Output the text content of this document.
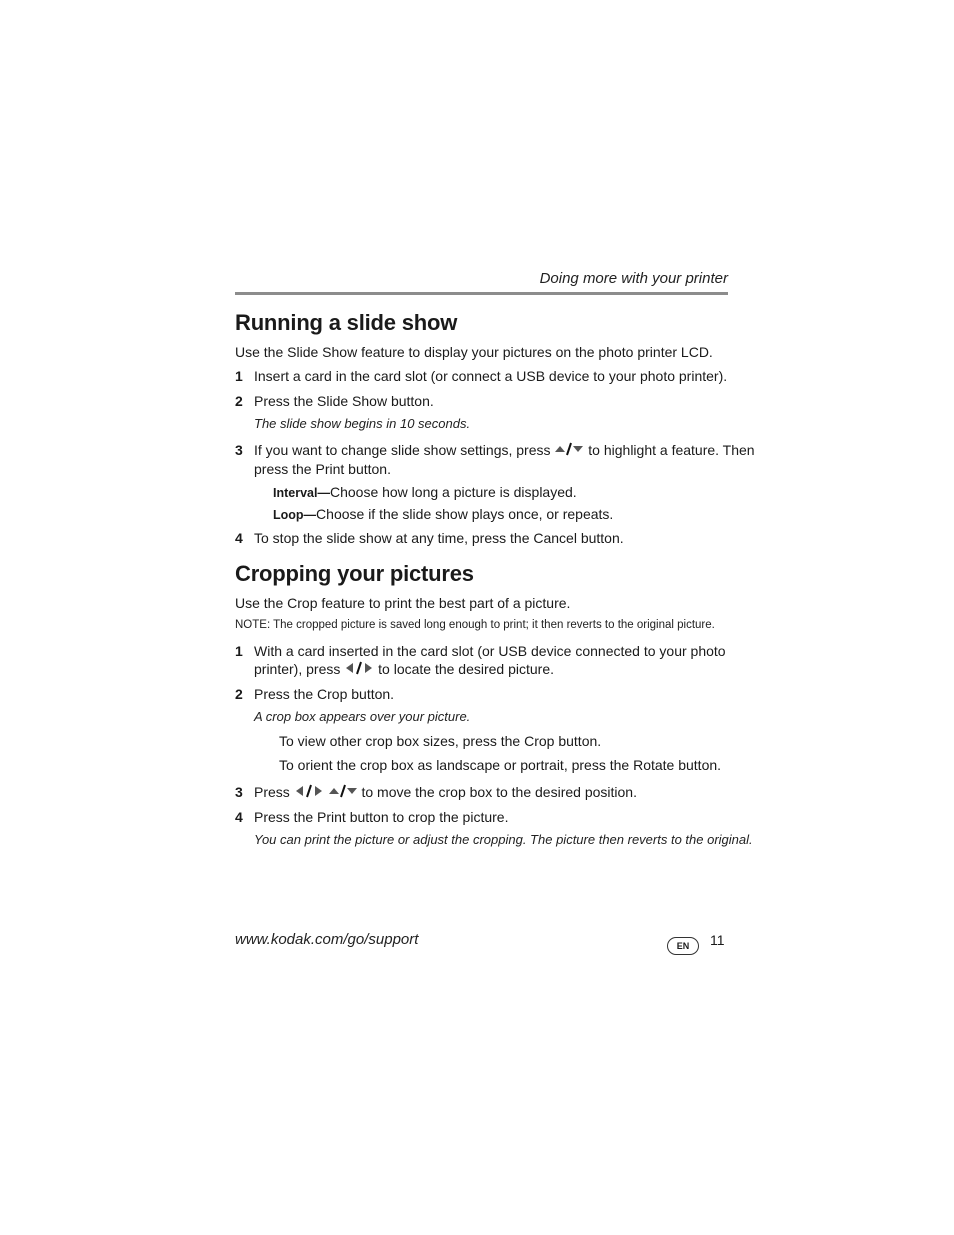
Doing more with your printer
Running a slide show
Use the Slide Show feature to display your pictures on the photo printer LCD.
1 Insert a card in the card slot (or connect a USB device to your photo printer).
2 Press the Slide Show button.
The slide show begins in 10 seconds.
3 If you want to change slide show settings, press	to highlight a feature. Then
press the Print button.
Interval—Choose how long a picture is displayed.
Loop—Choose if the slide show plays once, or repeats.
4 To stop the slide show at any time, press the Cancel button.
Cropping your pictures
Use the Crop feature to print the best part of a picture.
NOTE: The cropped picture is saved long enough to print; it then reverts to the original picture.
1 With a card inserted in the card slot (or USB device connected to your photo
printer), press	to locate the desired picture.
2 Press the Crop button.
A crop box appears over your picture.
To view other crop box sizes, press the Crop button.
To orient the crop box as landscape or portrait, press the Rotate button.
3 Press	to move the crop box to the desired position.
4 Press the Print button to crop the picture.
You can print the picture or adjust the cropping. The picture then reverts to the original.
www.kodak.com/go/support	EN	11
